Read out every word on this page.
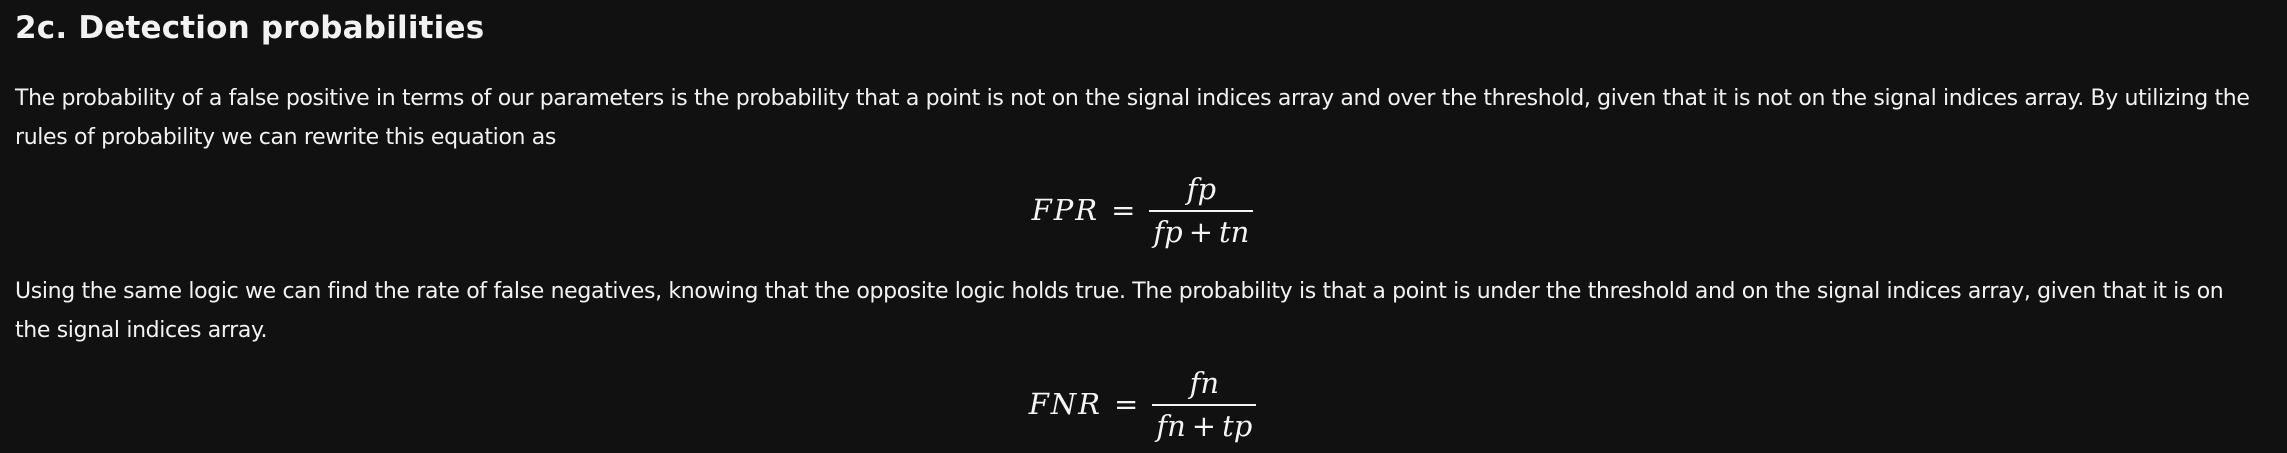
2c. Detection probabilities

The probability of a false positive in terms of our parameters is the probability that a point is not on the signal indices array and over the threshold, given that it is not on the signal indices array. By utilizing the rules of probability we can rewrite this equation as

FPR = $\frac{fp}{fp + tn}$

Using the same logic we can find the rate of false negatives, knowing that the opposite logic holds true. The probability is that a point is under the threshold and on the signal indices array, given that it is on the signal indices array.

FNR = $\frac{fn}{fn + tp}$
